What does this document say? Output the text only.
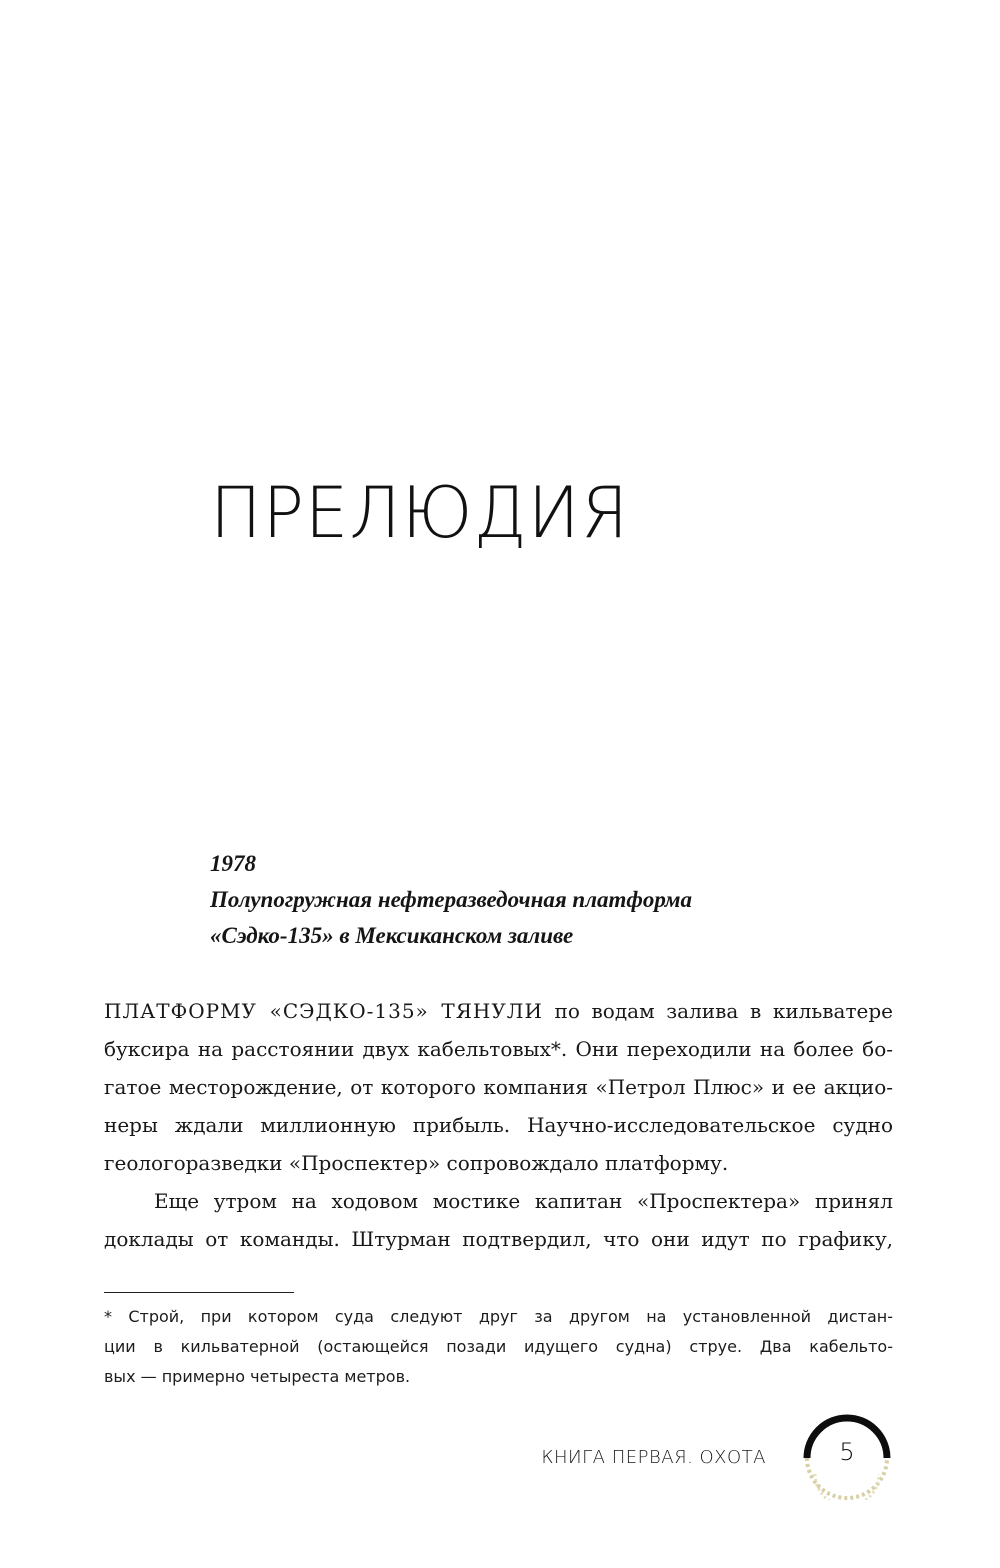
ПРЕЛЮДИЯ
1978
Полупогружная нефтеразведочная платформа
«Сэдко-135» в Мексиканском заливе
ПЛАТФОРМУ «СЭДКО-135» ТЯНУЛИ по водам залива в кильватере
буксира на расстоянии двух кабельтовых*. Они переходили на более бо-
гатое месторождение, от которого компания «Петрол Плюс» и ее акцио-
неры ждали миллионную прибыль. Научно-исследовательское судно
геологоразведки «Проспектер» сопровождало платформу.
Еще утром на ходовом мостике капитан «Проспектера» принял
доклады от команды. Штурман подтвердил, что они идут по графику,
* Строй, при котором суда следуют друг за другом на установленной дистан-
ции в кильватерной (остающейся позади идущего судна) струе. Два кабельто-
вых — примерно четыреста метров.
КНИГА ПЕРВАЯ. ОХОТА	5
